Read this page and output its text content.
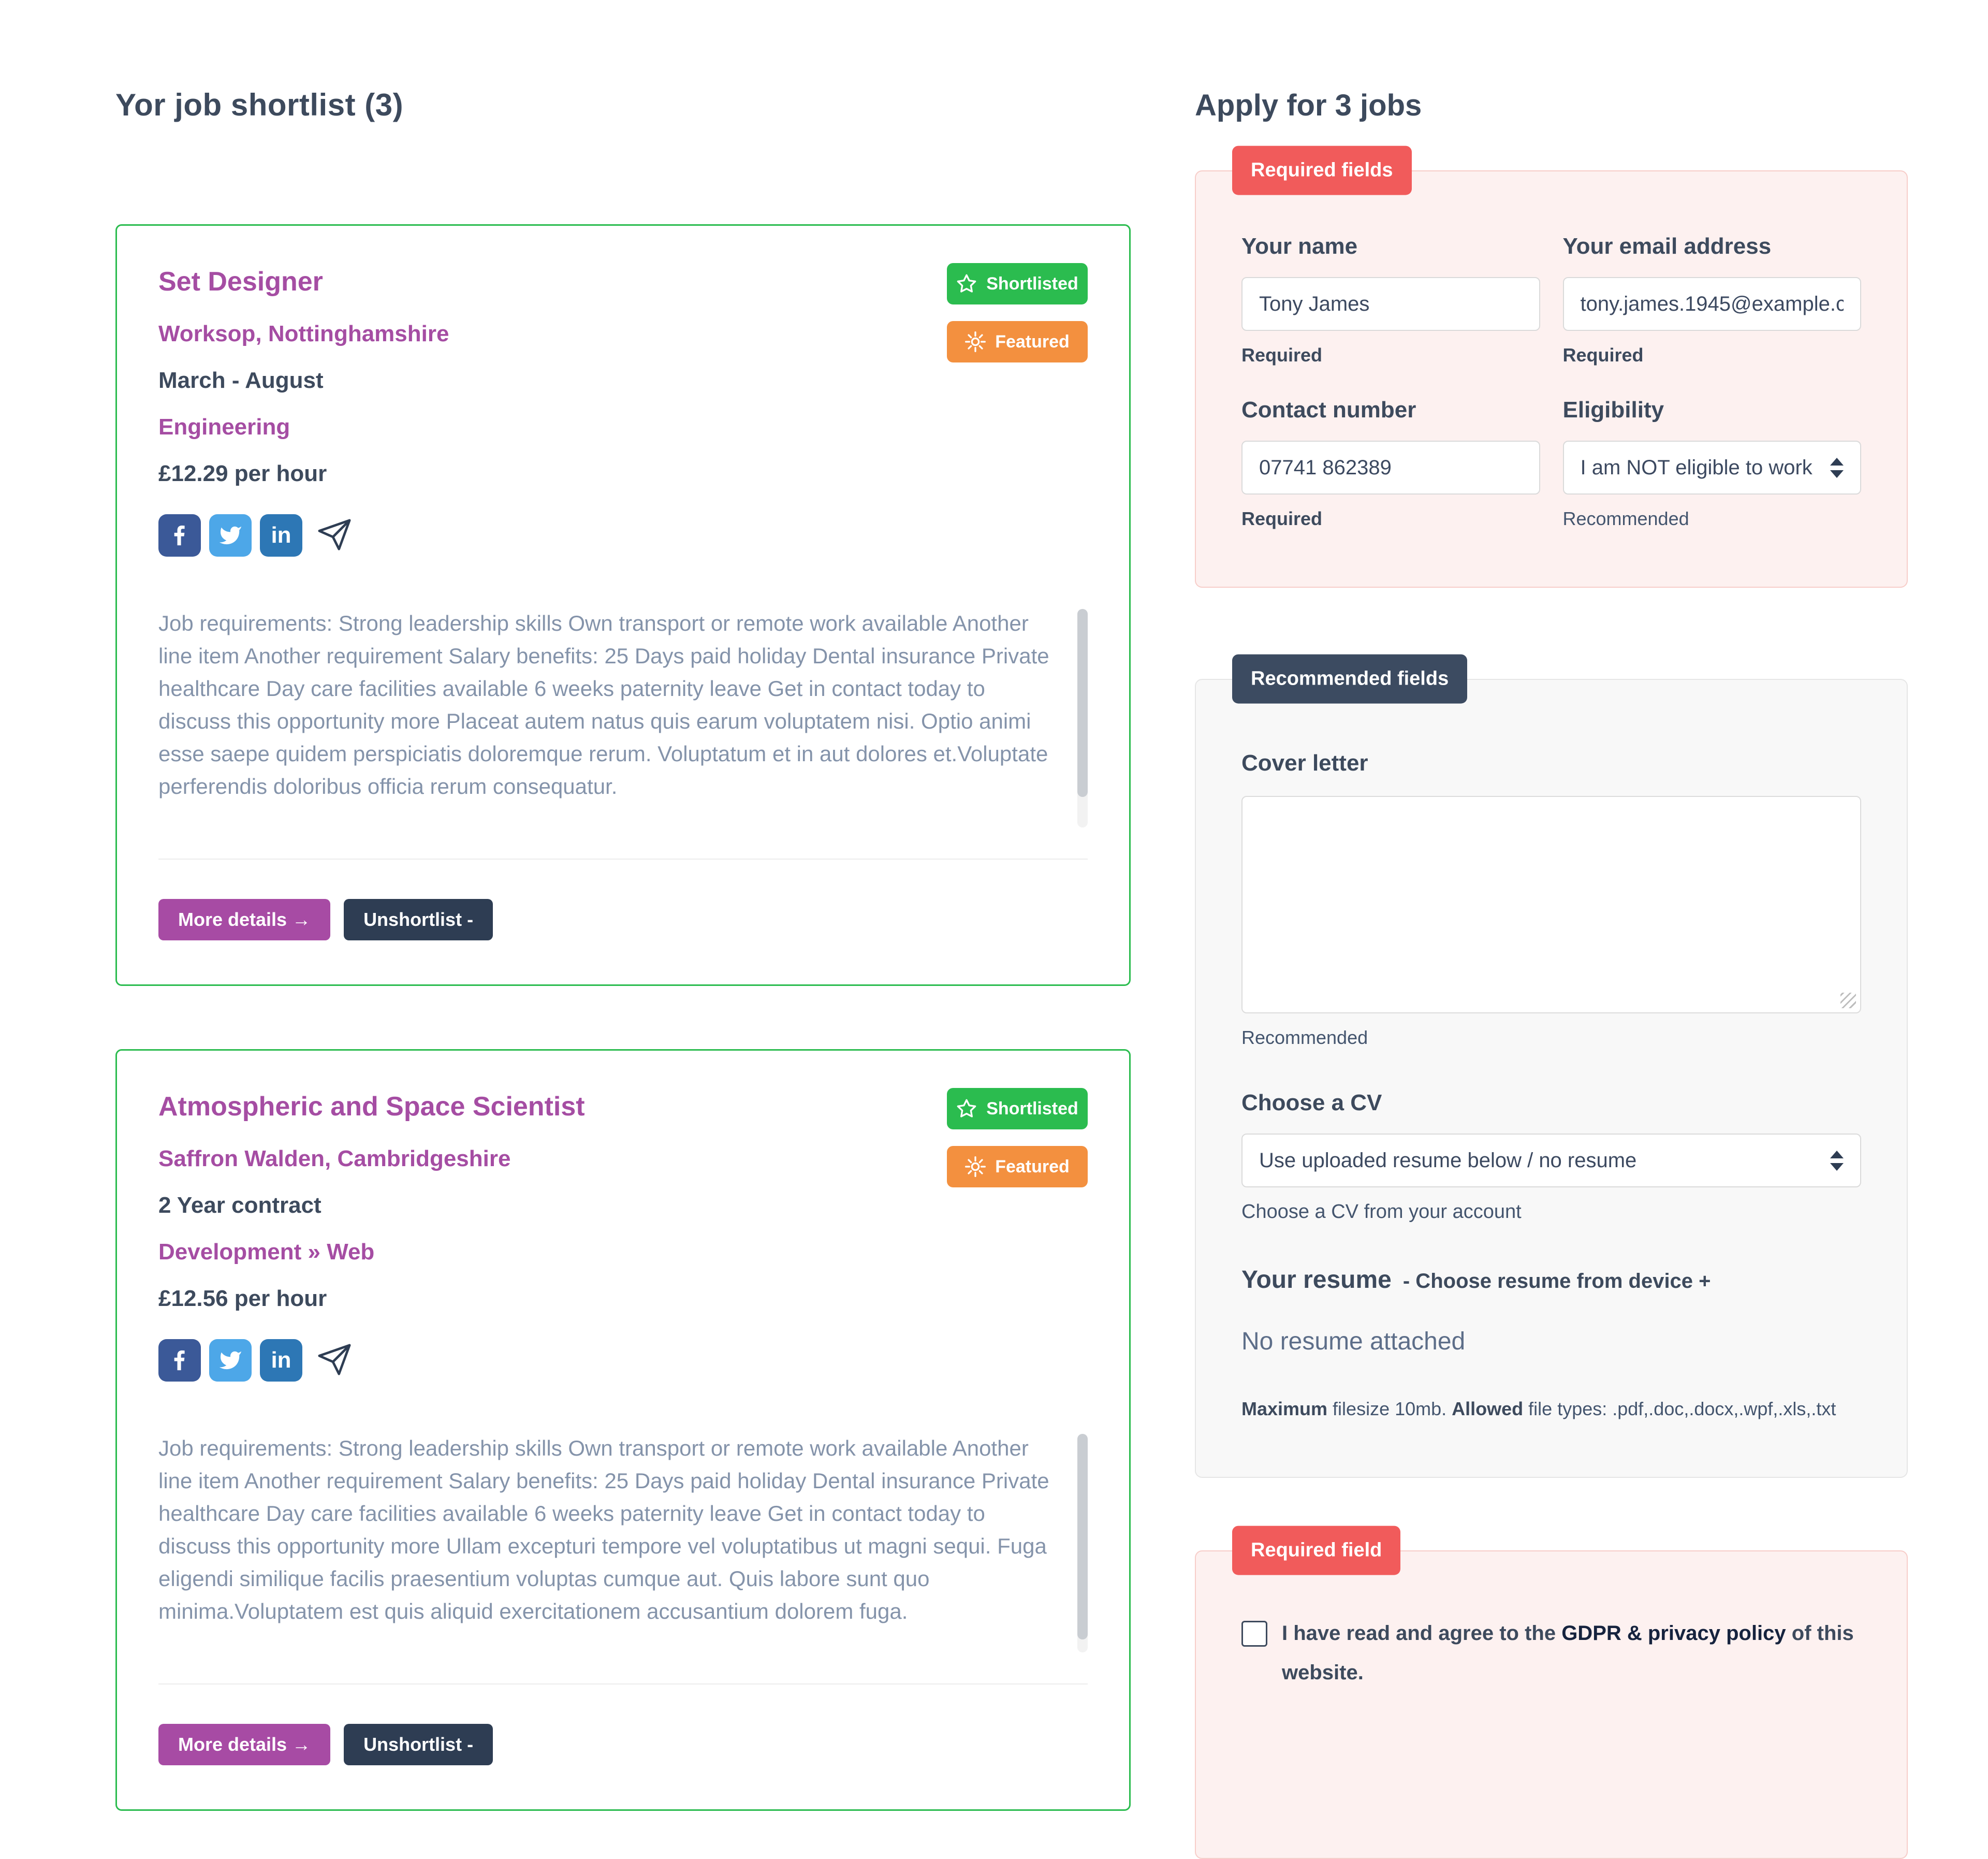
Yor job shortlist (3)
Set Designer
Worksop, Nottinghamshire
March - August
Engineering
£12.29 per hour
in
Shortlisted
Featured

Job requirements: Strong leadership skills Own transport or remote work available Another line item Another requirement Salary benefits: 25 Days paid holiday Dental insurance Private healthcare Day care facilities available 6 weeks paternity leave Get in contact today to discuss this opportunity more Placeat autem natus quis earum voluptatem nisi. Optio animi esse saepe quidem perspiciatis doloremque rerum. Voluptatum et in aut dolores et.Voluptate perferendis doloribus officia rerum consequatur.

More details →	Unshortlist -
Atmospheric and Space Scientist
Saffron Walden, Cambridgeshire
2 Year contract
Development » Web
£12.56 per hour
in
Shortlisted
Featured

Job requirements: Strong leadership skills Own transport or remote work available Another line item Another requirement Salary benefits: 25 Days paid holiday Dental insurance Private healthcare Day care facilities available 6 weeks paternity leave Get in contact today to discuss this opportunity more Ullam excepturi tempore vel voluptatibus ut magni sequi. Fuga eligendi similique facilis praesentium voluptas cumque aut. Quis labore sunt quo minima.Voluptatem est quis aliquid exercitationem accusantium dolorem fuga.

More details →	Unshortlist -
Apply for 3 jobs
Required fields
Your name
Tony James
Required
Your email address
tony.james.1945@example.com
Required
Contact number
07741 862389
Required
Eligibility
I am NOT eligible to work
Recommended
Recommended fields
Cover letter
Recommended
Choose a CV
Use uploaded resume below / no resume
Choose a CV from your account
Your resume - Choose resume from device +
No resume attached
Maximum filesize 10mb. Allowed file types: .pdf,.doc,.docx,.wpf,.xls,.txt
Required field
I have read and agree to the GDPR & privacy policy of this website.
